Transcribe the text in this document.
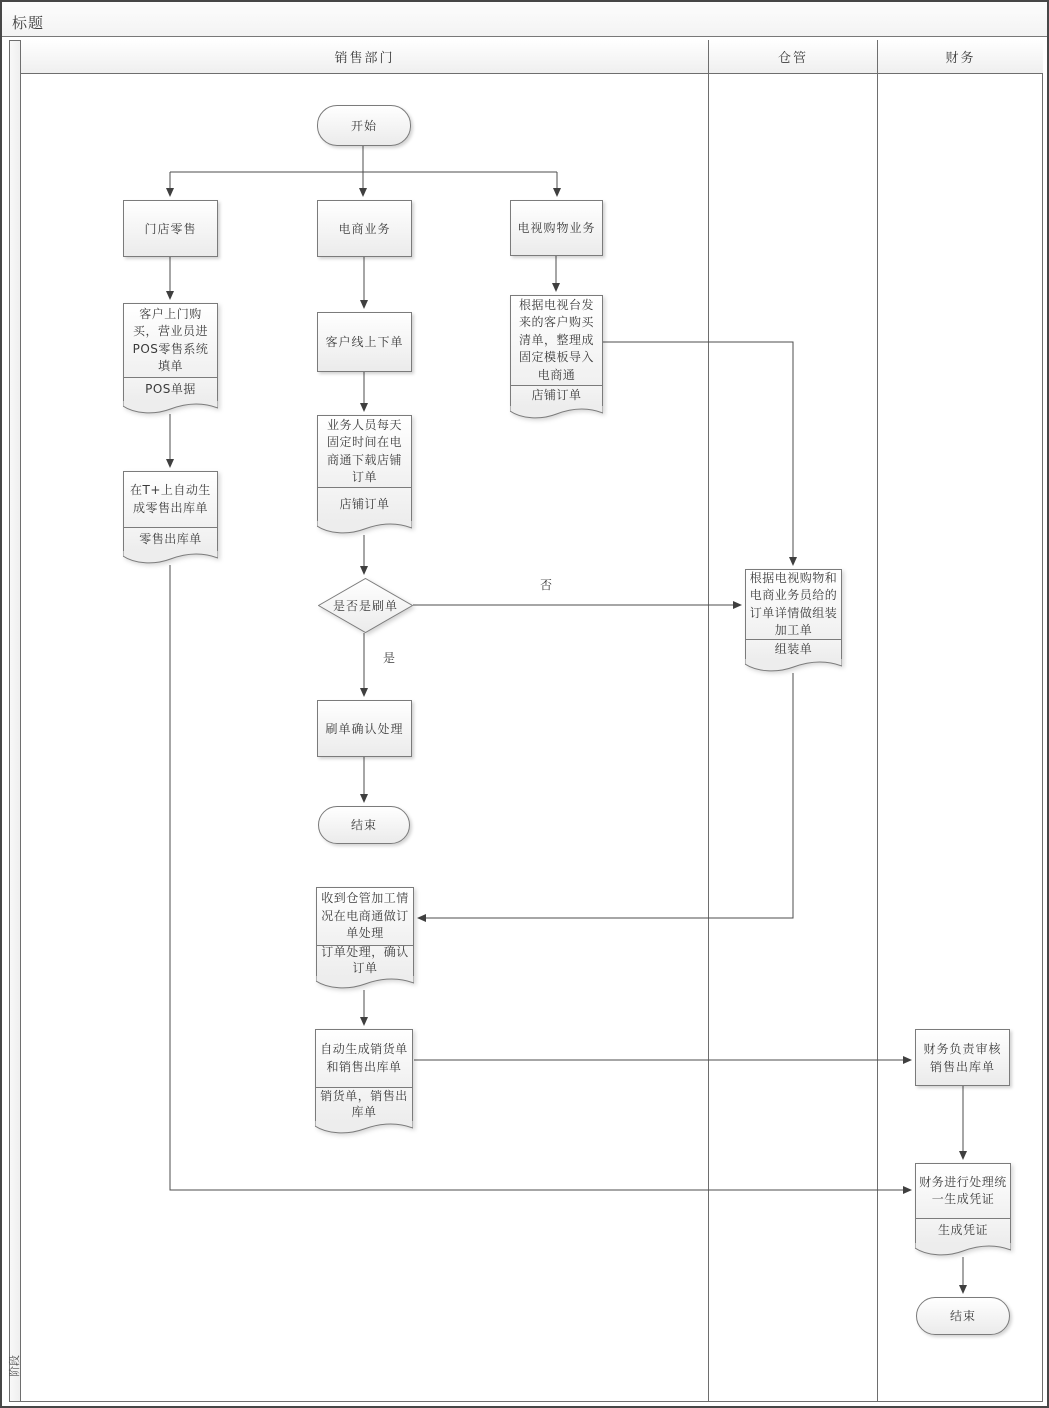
标题
阶段
销售部门	仓管	财务
否
是
开始
门店零售	电商业务	电视购物业务
客户上门购买，营业员进POS零售系统填单
POS单据
在T+上自动生成零售出库单
零售出库单
客户线上下单
业务人员每天固定时间在电商通下载店铺订单
店铺订单
根据电视台发来的客户购买清单，整理成固定模板导入电商通
店铺订单
是否是刷单
刷单确认处理
结束
收到仓管加工情况在电商通做订单处理
订单处理，确认订单
自动生成销货单和销售出库单
销货单，销售出库单
根据电视购物和电商业务员给的订单详情做组装加工单
组装单
财务负责审核销售出库单
财务进行处理统一生成凭证
生成凭证
结束
